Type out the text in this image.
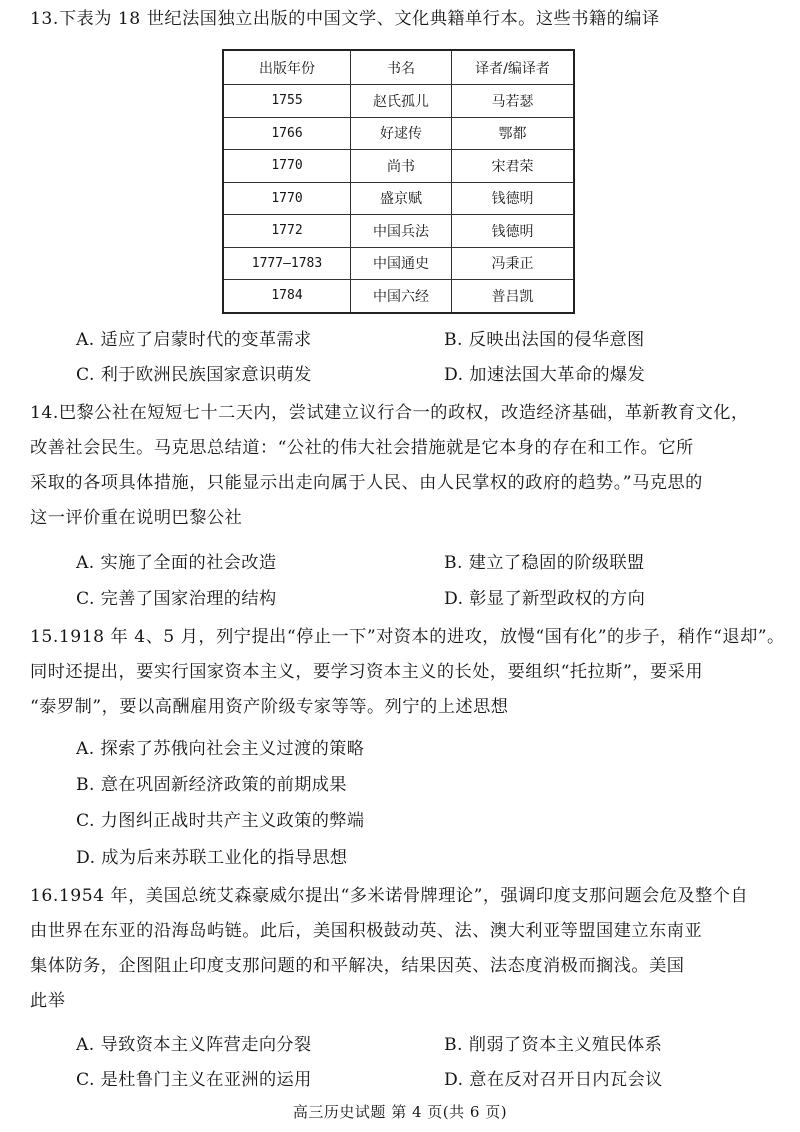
13.下表为 18 世纪法国独立出版的中国文学、文化典籍单行本。这些书籍的编译

出版年份	书名	译者/编译者
1755	赵氏孤儿	马若瑟
1766	好逑传	鄂都
1770	尚书	宋君荣
1770	盛京赋	钱德明
1772	中国兵法	钱德明
1777—1783	中国通史	冯秉正
1784	中国六经	普吕凯
A. 适应了启蒙时代的变革需求	B. 反映出法国的侵华意图
C. 利于欧洲民族国家意识萌发	D. 加速法国大革命的爆发

14.巴黎公社在短短七十二天内，尝试建立议行合一的政权，改造经济基础，革新教育文化，

改善社会民生。马克思总结道：“公社的伟大社会措施就是它本身的存在和工作。它所

采取的各项具体措施，只能显示出走向属于人民、由人民掌权的政府的趋势。”马克思的

这一评价重在说明巴黎公社

A. 实施了全面的社会改造	B. 建立了稳固的阶级联盟
C. 完善了国家治理的结构	D. 彰显了新型政权的方向

15.1918 年 4、5 月，列宁提出“停止一下”对资本的进攻，放慢“国有化”的步子，稍作“退却”。

同时还提出，要实行国家资本主义，要学习资本主义的长处，要组织“托拉斯”，要采用

“泰罗制”，要以高酬雇用资产阶级专家等等。列宁的上述思想

A. 探索了苏俄向社会主义过渡的策略
B. 意在巩固新经济政策的前期成果
C. 力图纠正战时共产主义政策的弊端
D. 成为后来苏联工业化的指导思想

16.1954 年，美国总统艾森豪威尔提出“多米诺骨牌理论”，强调印度支那问题会危及整个自

由世界在东亚的沿海岛屿链。此后，美国积极鼓动英、法、澳大利亚等盟国建立东南亚

集体防务，企图阻止印度支那问题的和平解决，结果因英、法态度消极而搁浅。美国

此举

A. 导致资本主义阵营走向分裂	B. 削弱了资本主义殖民体系
C. 是杜鲁门主义在亚洲的运用	D. 意在反对召开日内瓦会议
高三历史试题 第 4 页(共 6 页)
